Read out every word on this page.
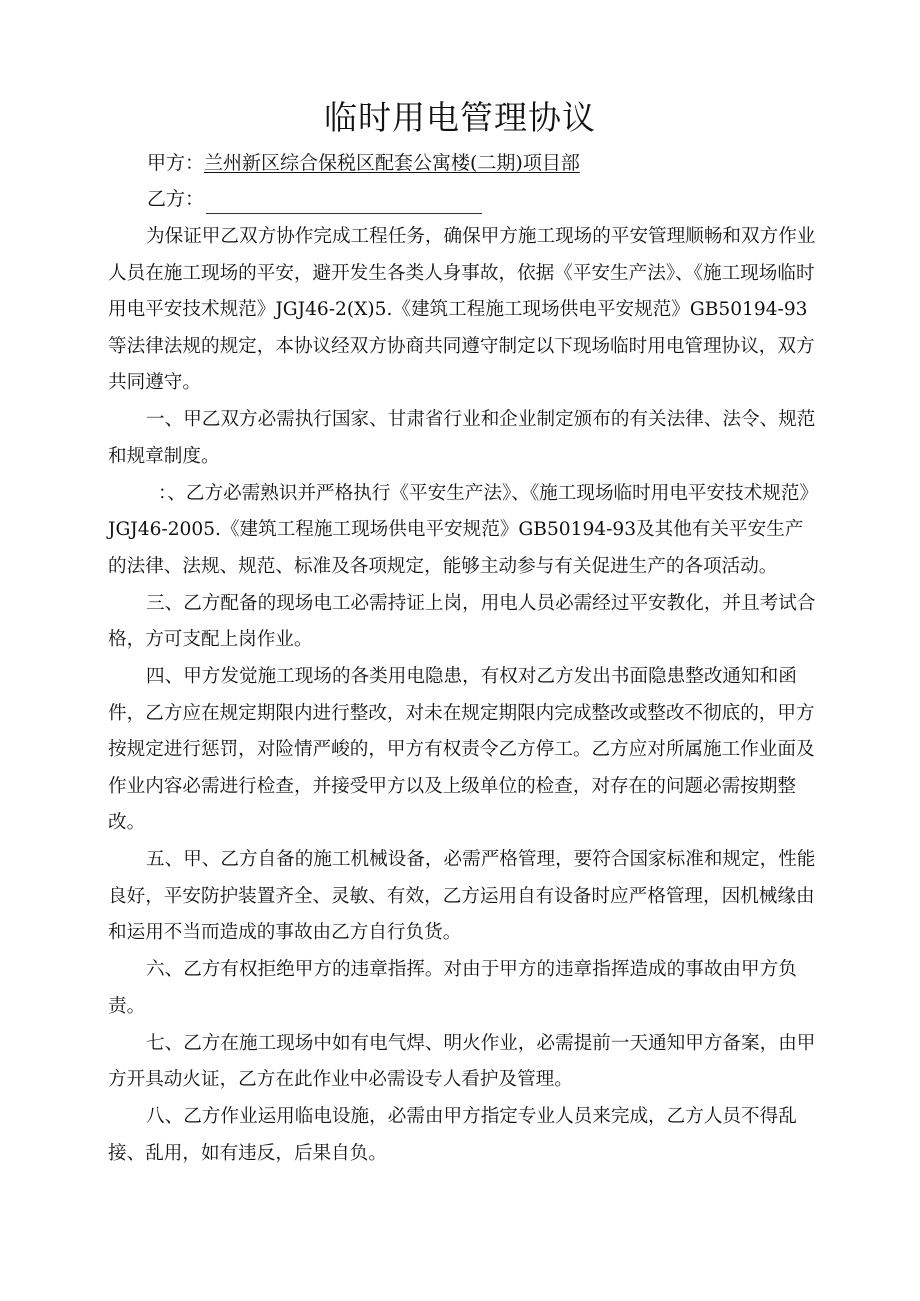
临时用电管理协议
甲方：兰州新区综合保税区配套公寓楼(二期)项目部
乙方：

为保证甲乙双方协作完成工程任务，确保甲方施工现场的平安管理顺畅和双方作业人员在施工现场的平安，避开发生各类人身事故，依据《平安生产法》、《施工现场临时用电平安技术规范》JGJ46-2(X)5.《建筑工程施工现场供电平安规范》GB50194-93等法律法规的规定，本协议经双方协商共同遵守制定以下现场临时用电管理协议，双方共同遵守。

一、甲乙双方必需执行国家、甘肃省行业和企业制定颁布的有关法律、法令、规范和规章制度。

：、乙方必需熟识并严格执行《平安生产法》、《施工现场临时用电平安技术规范》JGJ46-2005.《建筑工程施工现场供电平安规范》GB50194-93及其他有关平安生产的法律、法规、规范、标准及各项规定，能够主动参与有关促进生产的各项活动。

三、乙方配备的现场电工必需持证上岗，用电人员必需经过平安教化，并且考试合格，方可支配上岗作业。

四、甲方发觉施工现场的各类用电隐患，有权对乙方发出书面隐患整改通知和函件，乙方应在规定期限内进行整改，对未在规定期限内完成整改或整改不彻底的，甲方按规定进行惩罚，对险情严峻的，甲方有权责令乙方停工。乙方应对所属施工作业面及作业内容必需进行检查，并接受甲方以及上级单位的检查，对存在的问题必需按期整改。

五、甲、乙方自备的施工机械设备，必需严格管理，要符合国家标准和规定，性能良好，平安防护装置齐全、灵敏、有效，乙方运用自有设备时应严格管理，因机械缘由和运用不当而造成的事故由乙方自行负货。

六、乙方有权拒绝甲方的违章指挥。对由于甲方的违章指挥造成的事故由甲方负责。

七、乙方在施工现场中如有电气焊、明火作业，必需提前一天通知甲方备案，由甲方开具动火证，乙方在此作业中必需设专人看护及管理。

八、乙方作业运用临电设施，必需由甲方指定专业人员来完成，乙方人员不得乱接、乱用，如有违反，后果自负。
